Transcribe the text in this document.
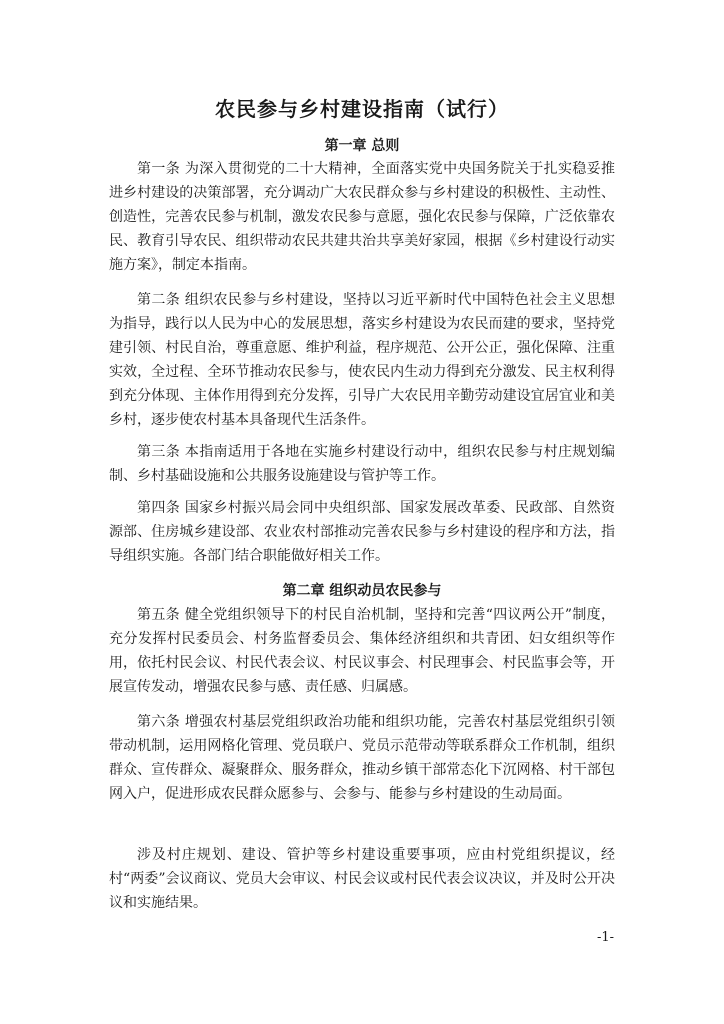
农民参与乡村建设指南（试行）
第一章 总则

第一条 为深入贯彻党的二十大精神，全面落实党中央国务院关于扎实稳妥推进乡村建设的决策部署，充分调动广大农民群众参与乡村建设的积极性、主动性、创造性，完善农民参与机制，激发农民参与意愿，强化农民参与保障，广泛依靠农民、教育引导农民、组织带动农民共建共治共享美好家园，根据《乡村建设行动实施方案》，制定本指南。

第二条 组织农民参与乡村建设，坚持以习近平新时代中国特色社会主义思想为指导，践行以人民为中心的发展思想，落实乡村建设为农民而建的要求，坚持党建引领、村民自治，尊重意愿、维护利益，程序规范、公开公正，强化保障、注重实效，全过程、全环节推动农民参与，使农民内生动力得到充分激发、民主权利得到充分体现、主体作用得到充分发挥，引导广大农民用辛勤劳动建设宜居宜业和美乡村，逐步使农村基本具备现代生活条件。

第三条 本指南适用于各地在实施乡村建设行动中，组织农民参与村庄规划编制、乡村基础设施和公共服务设施建设与管护等工作。

第四条 国家乡村振兴局会同中央组织部、国家发展改革委、民政部、自然资源部、住房城乡建设部、农业农村部推动完善农民参与乡村建设的程序和方法，指导组织实施。各部门结合职能做好相关工作。

第二章 组织动员农民参与

第五条 健全党组织领导下的村民自治机制，坚持和完善“四议两公开”制度，充分发挥村民委员会、村务监督委员会、集体经济组织和共青团、妇女组织等作用，依托村民会议、村民代表会议、村民议事会、村民理事会、村民监事会等，开展宣传发动，增强农民参与感、责任感、归属感。

第六条 增强农村基层党组织政治功能和组织功能，完善农村基层党组织引领带动机制，运用网格化管理、党员联户、党员示范带动等联系群众工作机制，组织群众、宣传群众、凝聚群众、服务群众，推动乡镇干部常态化下沉网格、村干部包网入户，促进形成农民群众愿参与、会参与、能参与乡村建设的生动局面。

涉及村庄规划、建设、管护等乡村建设重要事项，应由村党组织提议，经村“两委”会议商议、党员大会审议、村民会议或村民代表会议决议，并及时公开决议和实施结果。

-1-
